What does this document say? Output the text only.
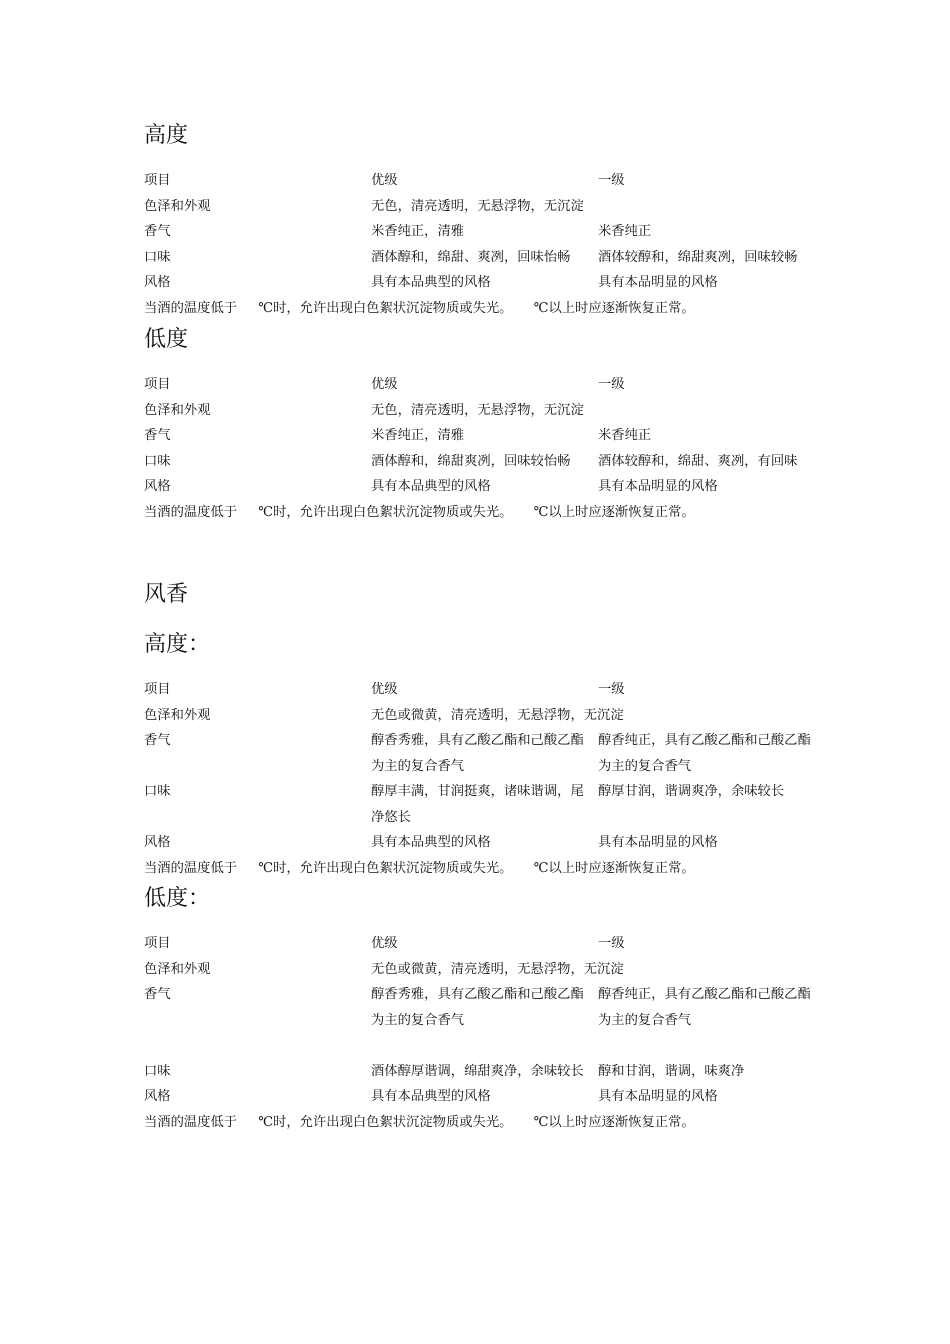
高度
项目	优级	一级
色泽和外观	无色，清亮透明，无悬浮物，无沉淀	
香气	米香纯正，清雅	米香纯正
口味	酒体醇和，绵甜、爽冽，回味怡畅	酒体较醇和，绵甜爽冽，回味较畅
风格	具有本品典型的风格	具有本品明显的风格
当酒的温度低于     ℃时，允许出现白色絮状沉淀物质或失光。     ℃以上时应逐渐恢复正常。
低度
项目	优级	一级
色泽和外观	无色，清亮透明，无悬浮物，无沉淀	
香气	米香纯正，清雅	米香纯正
口味	酒体醇和，绵甜爽冽，回味较怡畅	酒体较醇和，绵甜、爽冽，有回味
风格	具有本品典型的风格	具有本品明显的风格
当酒的温度低于     ℃时，允许出现白色絮状沉淀物质或失光。     ℃以上时应逐渐恢复正常。
风香
高度：
项目	优级	一级
色泽和外观	无色或微黄，清亮透明，无悬浮物，无沉淀	
香气	醇香秀雅，具有乙酸乙酯和己酸乙酯为主的复合香气	醇香纯正，具有乙酸乙酯和己酸乙酯为主的复合香气
口味	醇厚丰满，甘润挺爽，诸味谐调，尾净悠长	醇厚甘润，谐调爽净，余味较长
风格	具有本品典型的风格	具有本品明显的风格
当酒的温度低于     ℃时，允许出现白色絮状沉淀物质或失光。     ℃以上时应逐渐恢复正常。
低度：
项目	优级	一级
色泽和外观	无色或微黄，清亮透明，无悬浮物，无沉淀	
香气	醇香秀雅，具有乙酸乙酯和己酸乙酯为主的复合香气	醇香纯正，具有乙酸乙酯和己酸乙酯为主的复合香气

口味	酒体醇厚谐调，绵甜爽净，余味较长	醇和甘润，谐调，味爽净
风格	具有本品典型的风格	具有本品明显的风格
当酒的温度低于     ℃时，允许出现白色絮状沉淀物质或失光。     ℃以上时应逐渐恢复正常。
